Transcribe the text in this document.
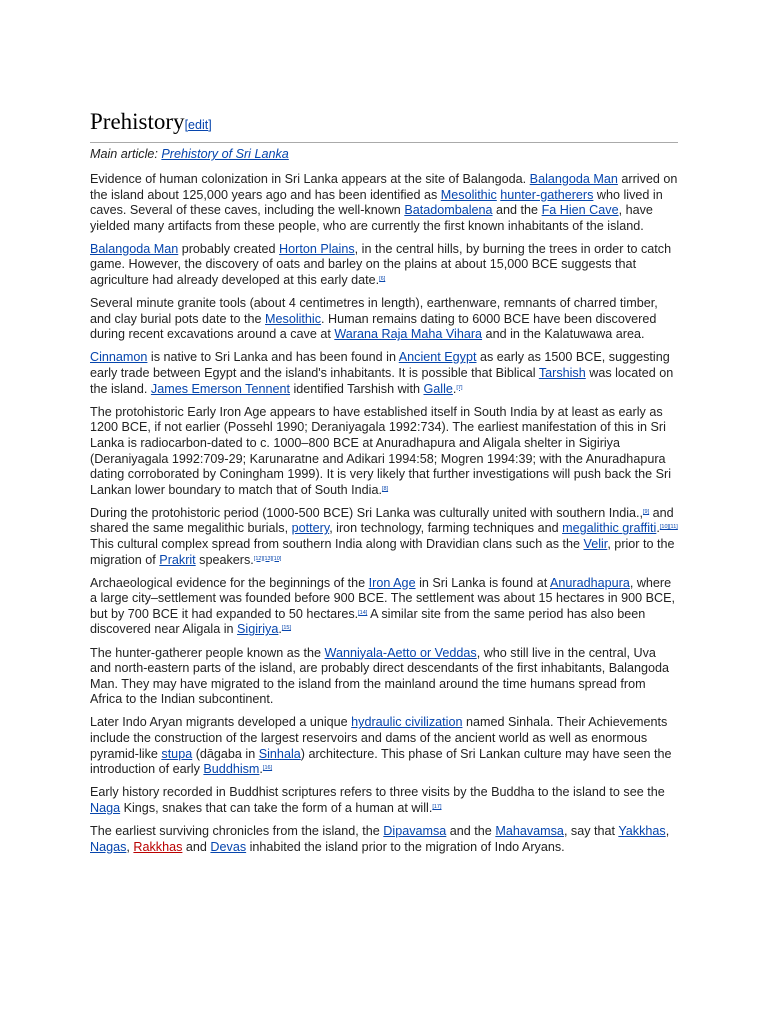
Prehistory[edit]
Main article: Prehistory of Sri Lanka

Evidence of human colonization in Sri Lanka appears at the site of Balangoda. Balangoda Man arrived on the island about 125,000 years ago and has been identified as Mesolithic hunter-gatherers who lived in caves. Several of these caves, including the well-known Batadombalena and the Fa Hien Cave, have yielded many artifacts from these people, who are currently the first known inhabitants of the island.

Balangoda Man probably created Horton Plains, in the central hills, by burning the trees in order to catch game. However, the discovery of oats and barley on the plains at about 15,000 BCE suggests that agriculture had already developed at this early date.[6]

Several minute granite tools (about 4 centimetres in length), earthenware, remnants of charred timber, and clay burial pots date to the Mesolithic. Human remains dating to 6000 BCE have been discovered during recent excavations around a cave at Warana Raja Maha Vihara and in the Kalatuwawa area.

Cinnamon is native to Sri Lanka and has been found in Ancient Egypt as early as 1500 BCE, suggesting early trade between Egypt and the island's inhabitants. It is possible that Biblical Tarshish was located on the island. James Emerson Tennent identified Tarshish with Galle.[7]

The protohistoric Early Iron Age appears to have established itself in South India by at least as early as 1200 BCE, if not earlier (Possehl 1990; Deraniyagala 1992:734). The earliest manifestation of this in Sri Lanka is radiocarbon-dated to c. 1000–800 BCE at Anuradhapura and Aligala shelter in Sigiriya (Deraniyagala 1992:709-29; Karunaratne and Adikari 1994:58; Mogren 1994:39; with the Anuradhapura dating corroborated by Coningham 1999). It is very likely that further investigations will push back the Sri Lankan lower boundary to match that of South India.[8]

During the protohistoric period (1000-500 BCE) Sri Lanka was culturally united with southern India.,[9] and shared the same megalithic burials, pottery, iron technology, farming techniques and megalithic graffiti.[10][11] This cultural complex spread from southern India along with Dravidian clans such as the Velir, prior to the migration of Prakrit speakers.[12][13][10]

Archaeological evidence for the beginnings of the Iron Age in Sri Lanka is found at Anuradhapura, where a large city–settlement was founded before 900 BCE. The settlement was about 15 hectares in 900 BCE, but by 700 BCE it had expanded to 50 hectares.[14] A similar site from the same period has also been discovered near Aligala in Sigiriya.[15]

The hunter-gatherer people known as the Wanniyala-Aetto or Veddas, who still live in the central, Uva and north-eastern parts of the island, are probably direct descendants of the first inhabitants, Balangoda Man. They may have migrated to the island from the mainland around the time humans spread from Africa to the Indian subcontinent.

Later Indo Aryan migrants developed a unique hydraulic civilization named Sinhala. Their Achievements include the construction of the largest reservoirs and dams of the ancient world as well as enormous pyramid-like stupa (dāgaba in Sinhala) architecture. This phase of Sri Lankan culture may have seen the introduction of early Buddhism.[16]

Early history recorded in Buddhist scriptures refers to three visits by the Buddha to the island to see the Naga Kings, snakes that can take the form of a human at will.[17]

The earliest surviving chronicles from the island, the Dipavamsa and the Mahavamsa, say that Yakkhas, Nagas, Rakkhas and Devas inhabited the island prior to the migration of Indo Aryans.
